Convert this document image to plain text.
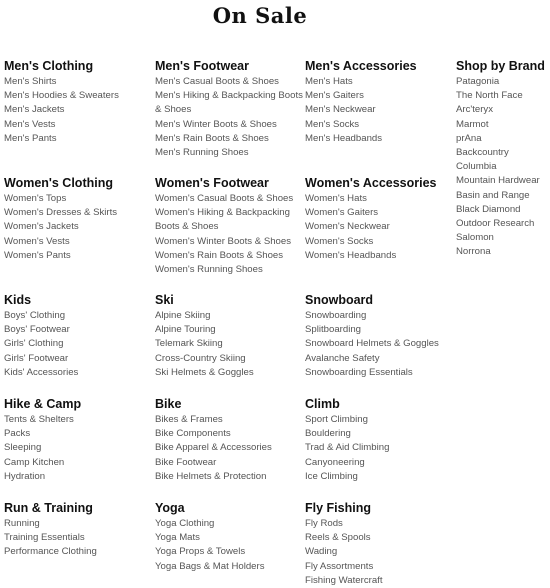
On Sale
Men's Clothing
Men's Shirts
Men's Hoodies & Sweaters
Men's Jackets
Men's Vests
Men's Pants
Men's Footwear
Men's Casual Boots & Shoes
Men's Hiking & Backpacking Boots & Shoes
Men's Winter Boots & Shoes
Men's Rain Boots & Shoes
Men's Running Shoes
Men's Accessories
Men's Hats
Men's Gaiters
Men's Neckwear
Men's Socks
Men's Headbands
Shop by Brand
Patagonia
The North Face
Arc'teryx
Marmot
prAna
Backcountry
Columbia
Mountain Hardwear
Basin and Range
Black Diamond
Outdoor Research
Salomon
Norrona
Women's Clothing
Women's Tops
Women's Dresses & Skirts
Women's Jackets
Women's Vests
Women's Pants
Women's Footwear
Women's Casual Boots & Shoes
Women's Hiking & Backpacking Boots & Shoes
Women's Winter Boots & Shoes
Women's Rain Boots & Shoes
Women's Running Shoes
Women's Accessories
Women's Hats
Women's Gaiters
Women's Neckwear
Women's Socks
Women's Headbands
Kids
Boys' Clothing
Boys' Footwear
Girls' Clothing
Girls' Footwear
Kids' Accessories
Ski
Alpine Skiing
Alpine Touring
Telemark Skiing
Cross-Country Skiing
Ski Helmets & Goggles
Snowboard
Snowboarding
Splitboarding
Snowboard Helmets & Goggles
Avalanche Safety
Snowboarding Essentials
Hike & Camp
Tents & Shelters
Packs
Sleeping
Camp Kitchen
Hydration
Bike
Bikes & Frames
Bike Components
Bike Apparel & Accessories
Bike Footwear
Bike Helmets & Protection
Climb
Sport Climbing
Bouldering
Trad & Aid Climbing
Canyoneering
Ice Climbing
Run & Training
Running
Training Essentials
Performance Clothing
Yoga
Yoga Clothing
Yoga Mats
Yoga Props & Towels
Yoga Bags & Mat Holders
Fly Fishing
Fly Rods
Reels & Spools
Wading
Fly Assortments
Fishing Watercraft
